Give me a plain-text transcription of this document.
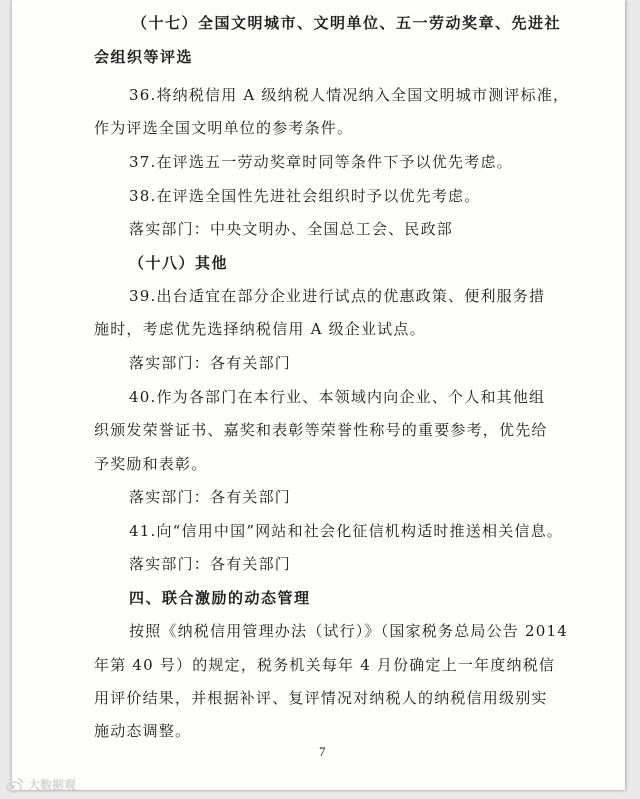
（十七）全国文明城市、文明单位、五一劳动奖章、先进社
会组织等评选
36.将纳税信用 A 级纳税人情况纳入全国文明城市测评标准，
作为评选全国文明单位的参考条件。
37.在评选五一劳动奖章时同等条件下予以优先考虑。
38.在评选全国性先进社会组织时予以优先考虑。
落实部门：中央文明办、全国总工会、民政部
（十八）其他
39.出台适宜在部分企业进行试点的优惠政策、便利服务措
施时，考虑优先选择纳税信用 A 级企业试点。
落实部门：各有关部门
40.作为各部门在本行业、本领域内向企业、个人和其他组
织颁发荣誉证书、嘉奖和表彰等荣誉性称号的重要参考，优先给
予奖励和表彰。
落实部门：各有关部门
41.向“信用中国”网站和社会化征信机构适时推送相关信息。
落实部门：各有关部门
四、联合激励的动态管理
按照《纳税信用管理办法（试行）》（国家税务总局公告 2014
年第 40 号）的规定，税务机关每年 4 月份确定上一年度纳税信
用评价结果，并根据补评、复评情况对纳税人的纳税信用级别实
施动态调整。
7
大数据观
